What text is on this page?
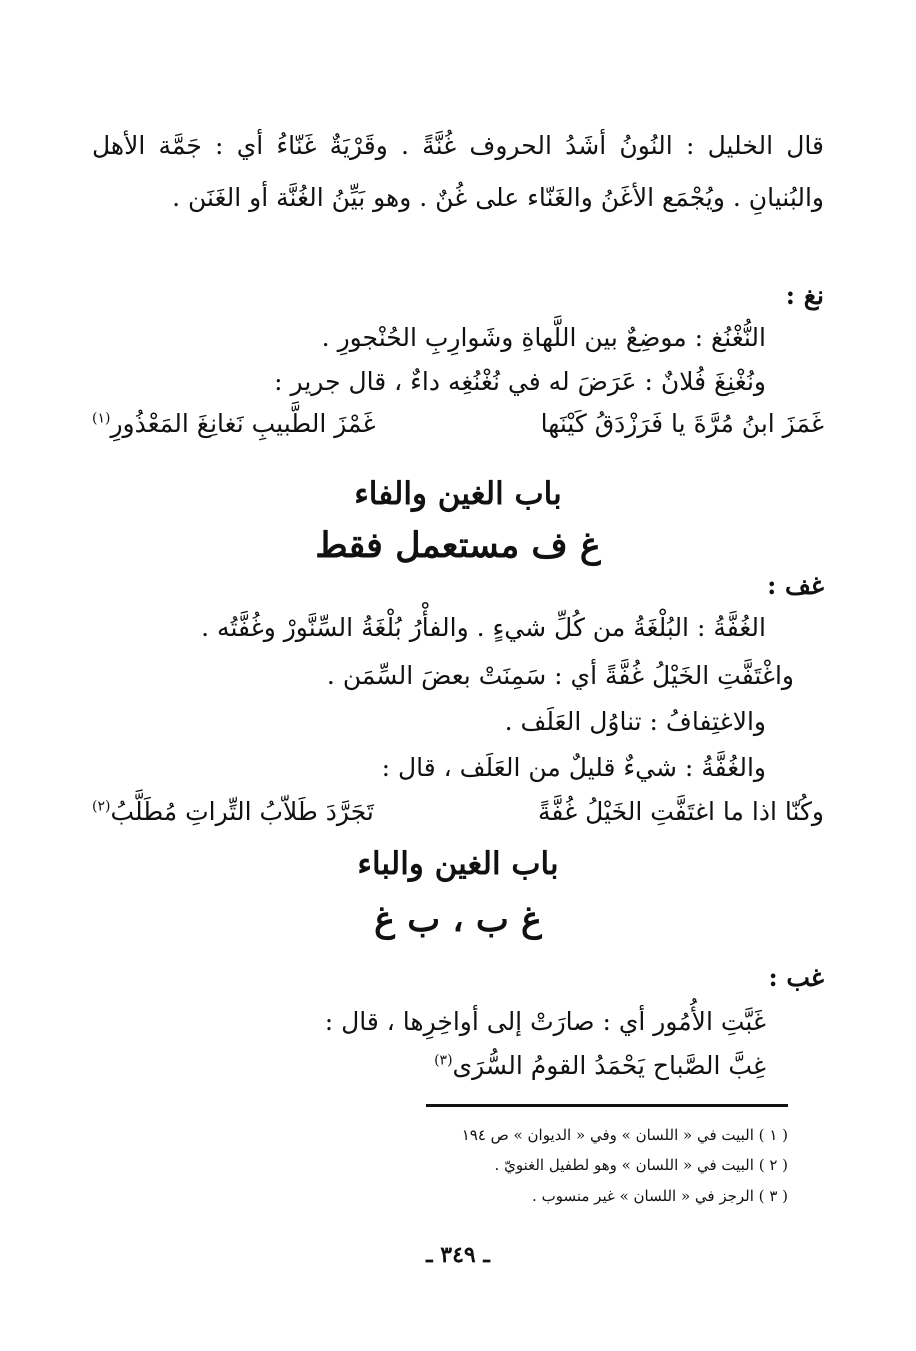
قال الخليل : النُونُ أشَدُ الحروف غُنَّةً . وقَرْيَةٌ غَنّاءُ أي : جَمَّة الأهل
والبُنيانِ . ويُجْمَع الأغَنُ والغَنّاء على غُنٌ . وهو بَيِّنُ الغُنَّة أو الغَنَن .
نغ :
النُّغْنُغ : موضِعٌ بين اللَّهاةِ وشَوارِبِ الحُنْجورِ .
ونُغْنِغَ فُلانٌ : عَرَضَ له في نُغْنُغِه داءٌ ، قال جرير :
غَمَزَ ابنُ مُرَّةَ يا فَرَزْدَقُ كَيْنَها
غَمْزَ الطَّبيبِ نَغانِغَ المَعْذُورِ$^{(١)}$
باب الغين والفاء
غ ف مستعمل فقط
غف :
الغُفَّةُ : البُلْغَةُ من كُلِّ شيءٍ . والفأْرُ بُلْغَةُ السِّنَّورْ وغُفَّتُه .
واغْتَفَّتِ الخَيْلُ غُفَّةً أي : سَمِنَتْ بعضَ السِّمَن .
والاغتِفافُ : تناوُل العَلَف .
والغُفَّةُ : شيءٌ قليلٌ من العَلَف ، قال :
وكُنّا اذا ما اغتَفَّتِ الخَيْلُ غُفَّةً
تَجَرَّدَ طَلاّبُ التِّراتِ مُطَلَّبُ$^{(٢)}$
باب الغين والباء
غ ب ، ب غ
غب :
غَبَّتِ الأُمُور أي : صارَتْ إلى أواخِرِها ، قال :
غِبَّ الصَّباح يَحْمَدُ القومُ السُّرَى$^{(٣)}$
( ١ ) البيت في « اللسان » وفي « الديوان » ص ١٩٤
( ٢ ) البيت في « اللسان » وهو لطفيل الغنويّ .
( ٣ ) الرجز في « اللسان » غير منسوب .
ـ ٣٤٩ ـ
